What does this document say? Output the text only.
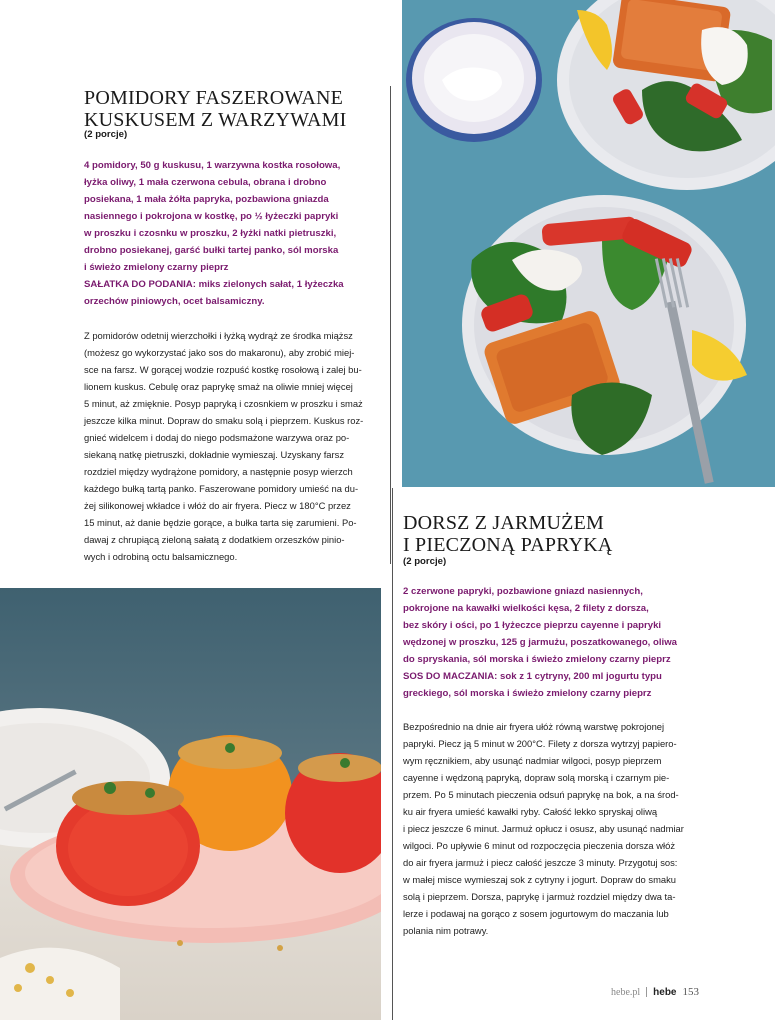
POMIDORY FASZEROWANE
KUSKUSEM Z WARZYWAMI

(2 porcje)

4 pomidory, 50 g kuskusu, 1 warzywna kostka rosołowa,
łyżka oliwy, 1 mała czerwona cebula, obrana i drobno
posiekana, 1 mała żółta papryka, pozbawiona gniazda
nasiennego i pokrojona w kostkę, po ½ łyżeczki papryki
w proszku i czosnku w proszku, 2 łyżki natki pietruszki,
drobno posiekanej, garść bułki tartej panko, sól morska
i świeżo zmielony czarny pieprz
SAŁATKA DO PODANIA: miks zielonych sałat, 1 łyżeczka
orzechów piniowych, ocet balsamiczny.
Z pomidorów odetnij wierzchołki i łyżką wydrąż ze środka miąższ
(możesz go wykorzystać jako sos do makaronu), aby zrobić miej-
sce na farsz. W gorącej wodzie rozpuść kostkę rosołową i zalej bu-
lionem kuskus. Cebulę oraz paprykę smaż na oliwie mniej więcej
5 minut, aż zmięknie. Posyp papryką i czosnkiem w proszku i smaż
jeszcze kilka minut. Dopraw do smaku solą i pieprzem. Kuskus roz-
gnieć widelcem i dodaj do niego podsmażone warzywa oraz po-
siekaną natkę pietruszki, dokładnie wymieszaj. Uzyskany farsz
rozdziel między wydrążone pomidory, a następnie posyp wierzch
każdego bułką tartą panko. Faszerowane pomidory umieść na du-
żej silikonowej wkładce i włóż do air fryera. Piecz w 180°C przez
15 minut, aż danie będzie gorące, a bułka tarta się zarumieni. Po-
dawaj z chrupiącą zieloną sałatą z dodatkiem orzeszków pinio-
wych i odrobiną octu balsamicznego.
DORSZ Z JARMUŻEM
I PIECZONĄ PAPRYKĄ

(2 porcje)

2 czerwone papryki, pozbawione gniazd nasiennych,
pokrojone na kawałki wielkości kęsa, 2 filety z dorsza,
bez skóry i ości, po 1 łyżeczce pieprzu cayenne i papryki
wędzonej w proszku, 125 g jarmużu, poszatkowanego, oliwa
do spryskania, sól morska i świeżo zmielony czarny pieprz
SOS DO MACZANIA: sok z 1 cytryny, 200 ml jogurtu typu
greckiego, sól morska i świeżo zmielony czarny pieprz
Bezpośrednio na dnie air fryera ułóż równą warstwę pokrojonej
papryki. Piecz ją 5 minut w 200°C. Filety z dorsza wytrzyj papiero-
wym ręcznikiem, aby usunąć nadmiar wilgoci, posyp pieprzem
cayenne i wędzoną papryką, dopraw solą morską i czarnym pie-
przem. Po 5 minutach pieczenia odsuń paprykę na bok, a na środ-
ku air fryera umieść kawałki ryby. Całość lekko spryskaj oliwą
i piecz jeszcze 6 minut. Jarmuż opłucz i osusz, aby usunąć nadmiar
wilgoci. Po upływie 6 minut od rozpoczęcia pieczenia dorsza włóż
do air fryera jarmuż i piecz całość jeszcze 3 minuty. Przygotuj sos:
w małej misce wymieszaj sok z cytryny i jogurt. Dopraw do smaku
solą i pieprzem. Dorsza, paprykę i jarmuż rozdziel między dwa ta-
lerze i podawaj na gorąco z sosem jogurtowym do maczania lub
polania nim potrawy.
hebe.pl hebe 153
